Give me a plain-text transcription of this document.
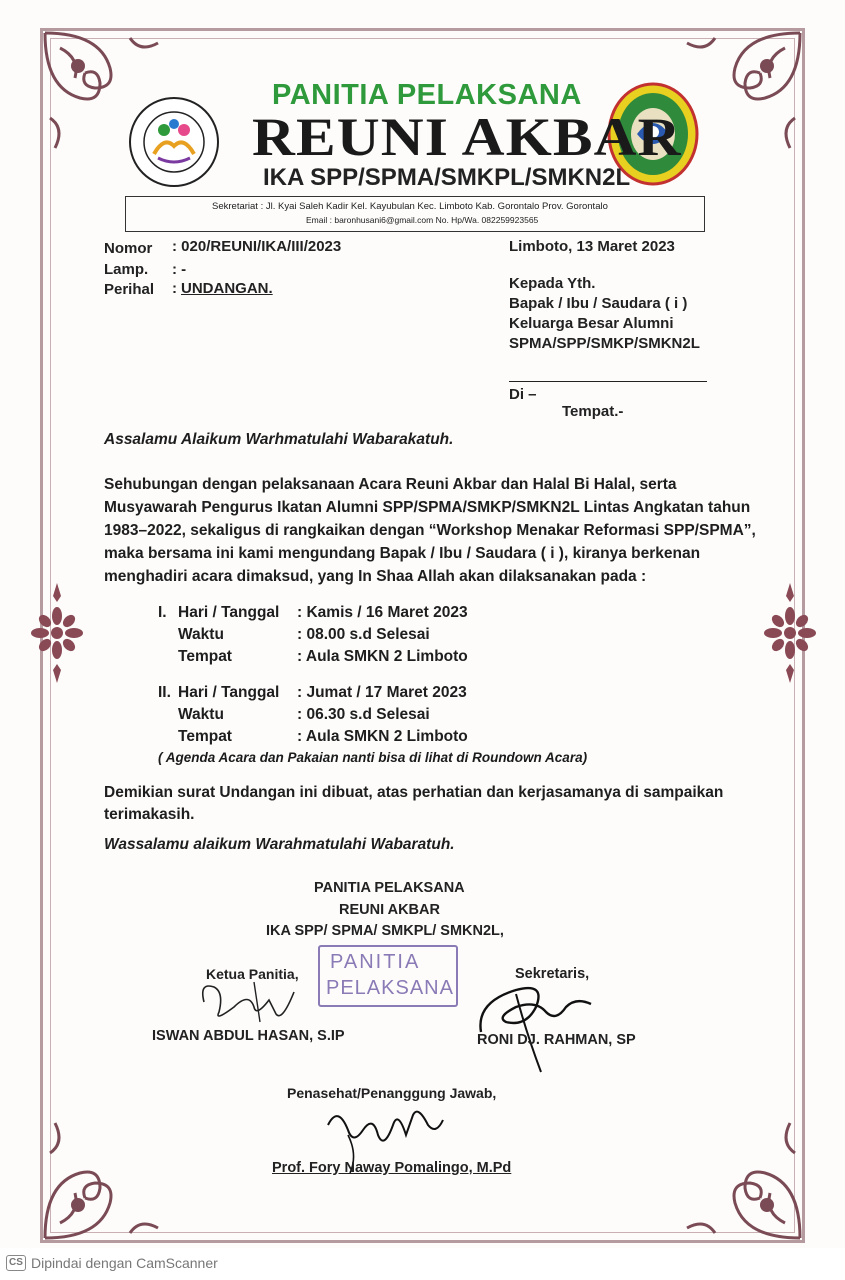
PANITIA PELAKSANA
REUNI AKBAR
IKA SPP/SPMA/SMKPL/SMKN2L
Sekretariat : Jl. Kyai Saleh Kadir Kel. Kayubulan Kec. Limboto Kab. Gorontalo Prov. Gorontalo
Email : baronhusani6@gmail.com No. Hp/Wa. 082259923565
Nomor : 020/REUNI/IKA/III/2023
Lamp. : -
Perihal : UNDANGAN.
Limboto, 13 Maret 2023
Kepada Yth.
Bapak / Ibu / Saudara ( i )
Keluarga Besar Alumni
SPMA/SPP/SMKP/SMKN2L
Di –
Tempat.-
Assalamu Alaikum Warhmatulahi Wabarakatuh.
Sehubungan dengan pelaksanaan Acara Reuni Akbar dan Halal Bi Halal, serta
Musyawarah Pengurus Ikatan Alumni SPP/SPMA/SMKP/SMKN2L Lintas Angkatan tahun
1983–2022, sekaligus di rangkaikan dengan “Workshop Menakar Reformasi SPP/SPMA”,
maka bersama ini kami mengundang Bapak / Ibu / Saudara ( i ), kiranya berkenan
menghadiri acara dimaksud, yang In Shaa Allah akan dilaksanakan pada :
I. Hari / Tanggal : Kamis / 16 Maret 2023
Waktu	: 08.00 s.d Selesai
Tempat	: Aula SMKN 2 Limboto
II. Hari / Tanggal : Jumat / 17 Maret 2023
Waktu	: 06.30 s.d Selesai
Tempat	: Aula SMKN 2 Limboto
( Agenda Acara dan Pakaian nanti bisa di lihat di Roundown Acara)
Demikian surat Undangan ini dibuat, atas perhatian dan kerjasamanya di sampaikan
terimakasih.
Wassalamu alaikum Warahmatulahi Wabaratuh.
PANITIA PELAKSANA
REUNI AKBAR
IKA SPP/ SPMA/ SMKPL/ SMKN2L,
Ketua Panitia,
PANITIA
PELAKSANA
ISWAN ABDUL HASAN, S.IP
Sekretaris,
RONI DJ. RAHMAN, SP
Penasehat/Penanggung Jawab,
Prof. Fory Naway Pomalingo, M.Pd
CS Dipindai dengan CamScanner
